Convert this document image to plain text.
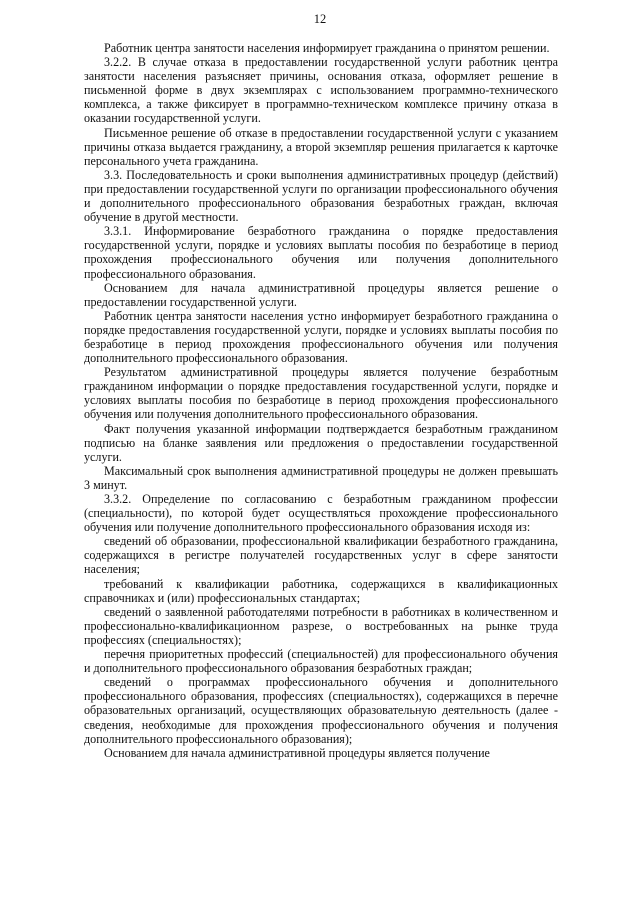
12

Работник центра занятости населения информирует гражданина о принятом решении.

3.2.2. В случае отказа в предоставлении государственной услуги работник центра занятости населения разъясняет причины, основания отказа, оформляет решение в письменной форме в двух экземплярах с использованием программно-технического комплекса, а также фиксирует в программно-техническом комплексе причину отказа в оказании государственной услуги.

Письменное решение об отказе в предоставлении государственной услуги с указанием причины отказа выдается гражданину, а второй экземпляр решения прилагается к карточке персонального учета гражданина.

3.3. Последовательность и сроки выполнения административных процедур (действий) при предоставлении государственной услуги по организации профессионального обучения и дополнительного профессионального образования безработных граждан, включая обучение в другой местности.

3.3.1. Информирование безработного гражданина о порядке предоставления государственной услуги, порядке и условиях выплаты пособия по безработице в период прохождения профессионального обучения или получения дополнительного профессионального образования.

Основанием для начала административной процедуры является решение о предоставлении государственной услуги.

Работник центра занятости населения устно информирует безработного гражданина о порядке предоставления государственной услуги, порядке и условиях выплаты пособия по безработице в период прохождения профессионального обучения или получения дополнительного профессионального образования.

Результатом административной процедуры является получение безработным гражданином информации о порядке предоставления государственной услуги, порядке и условиях выплаты пособия по безработице в период прохождения профессионального обучения или получения дополнительного профессионального образования.

Факт получения указанной информации подтверждается безработным гражданином подписью на бланке заявления или предложения о предоставлении государственной услуги.

Максимальный срок выполнения административной процедуры не должен превышать 3 минут.

3.3.2. Определение по согласованию с безработным гражданином профессии (специальности), по которой будет осуществляться прохождение профессионального обучения или получение дополнительного профессионального образования исходя из:

сведений об образовании, профессиональной квалификации безработного гражданина, содержащихся в регистре получателей государственных услуг в сфере занятости населения;

требований к квалификации работника, содержащихся в квалификационных справочниках и (или) профессиональных стандартах;

сведений о заявленной работодателями потребности в работниках в количественном и профессионально-квалификационном разрезе, о востребованных на рынке труда профессиях (специальностях);

перечня приоритетных профессий (специальностей) для профессионального обучения и дополнительного профессионального образования безработных граждан;

сведений о программах профессионального обучения и дополнительного профессионального образования, профессиях (специальностях), содержащихся в перечне образовательных организаций, осуществляющих образовательную деятельность (далее - сведения, необходимые для прохождения профессионального обучения и получения дополнительного профессионального образования);

Основанием для начала административной процедуры является получение
